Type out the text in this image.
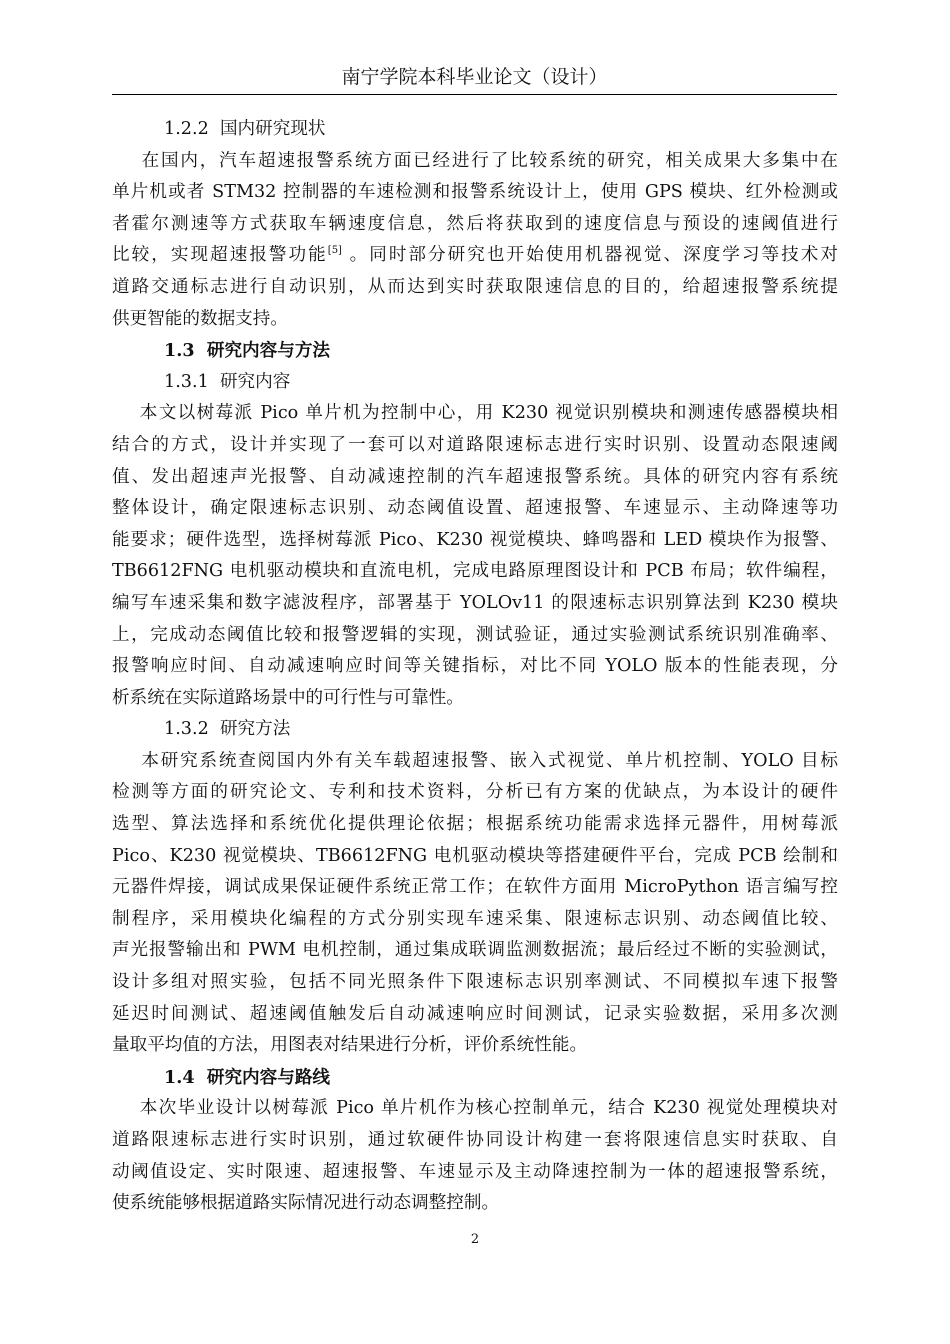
南宁学院本科毕业论文（设计）
1.2.2  国内研究现状
在国内，汽车超速报警系统方面已经进行了比较系统的研究，相关成果大多集中在
单片机或者 STM32 控制器的车速检测和报警系统设计上，使用 GPS 模块、红外检测或
者霍尔测速等方式获取车辆速度信息，然后将获取到的速度信息与预设的速阈值进行
比较，实现超速报警功能[5] 。同时部分研究也开始使用机器视觉、深度学习等技术对
道路交通标志进行自动识别，从而达到实时获取限速信息的目的，给超速报警系统提
供更智能的数据支持。
1.3  研究内容与方法
1.3.1  研究内容
本文以树莓派 Pico 单片机为控制中心，用 K230 视觉识别模块和测速传感器模块相
结合的方式，设计并实现了一套可以对道路限速标志进行实时识别、设置动态限速阈
值、发出超速声光报警、自动减速控制的汽车超速报警系统。具体的研究内容有系统
整体设计，确定限速标志识别、动态阈值设置、超速报警、车速显示、主动降速等功
能要求；硬件选型，选择树莓派 Pico、K230 视觉模块、蜂鸣器和 LED 模块作为报警、
TB6612FNG 电机驱动模块和直流电机，完成电路原理图设计和 PCB 布局；软件编程，
编写车速采集和数字滤波程序，部署基于 YOLOv11 的限速标志识别算法到 K230 模块
上，完成动态阈值比较和报警逻辑的实现，测试验证，通过实验测试系统识别准确率、
报警响应时间、自动减速响应时间等关键指标，对比不同 YOLO 版本的性能表现，分
析系统在实际道路场景中的可行性与可靠性。
1.3.2  研究方法
本研究系统查阅国内外有关车载超速报警、嵌入式视觉、单片机控制、YOLO 目标
检测等方面的研究论文、专利和技术资料，分析已有方案的优缺点，为本设计的硬件
选型、算法选择和系统优化提供理论依据；根据系统功能需求选择元器件，用树莓派
Pico、K230 视觉模块、TB6612FNG 电机驱动模块等搭建硬件平台，完成 PCB 绘制和
元器件焊接，调试成果保证硬件系统正常工作；在软件方面用 MicroPython 语言编写控
制程序，采用模块化编程的方式分别实现车速采集、限速标志识别、动态阈值比较、
声光报警输出和 PWM 电机控制，通过集成联调监测数据流；最后经过不断的实验测试，
设计多组对照实验，包括不同光照条件下限速标志识别率测试、不同模拟车速下报警
延迟时间测试、超速阈值触发后自动减速响应时间测试，记录实验数据，采用多次测
量取平均值的方法，用图表对结果进行分析，评价系统性能。
1.4  研究内容与路线
本次毕业设计以树莓派 Pico 单片机作为核心控制单元，结合 K230 视觉处理模块对
道路限速标志进行实时识别，通过软硬件协同设计构建一套将限速信息实时获取、自
动阈值设定、实时限速、超速报警、车速显示及主动降速控制为一体的超速报警系统，
使系统能够根据道路实际情况进行动态调整控制。
2
